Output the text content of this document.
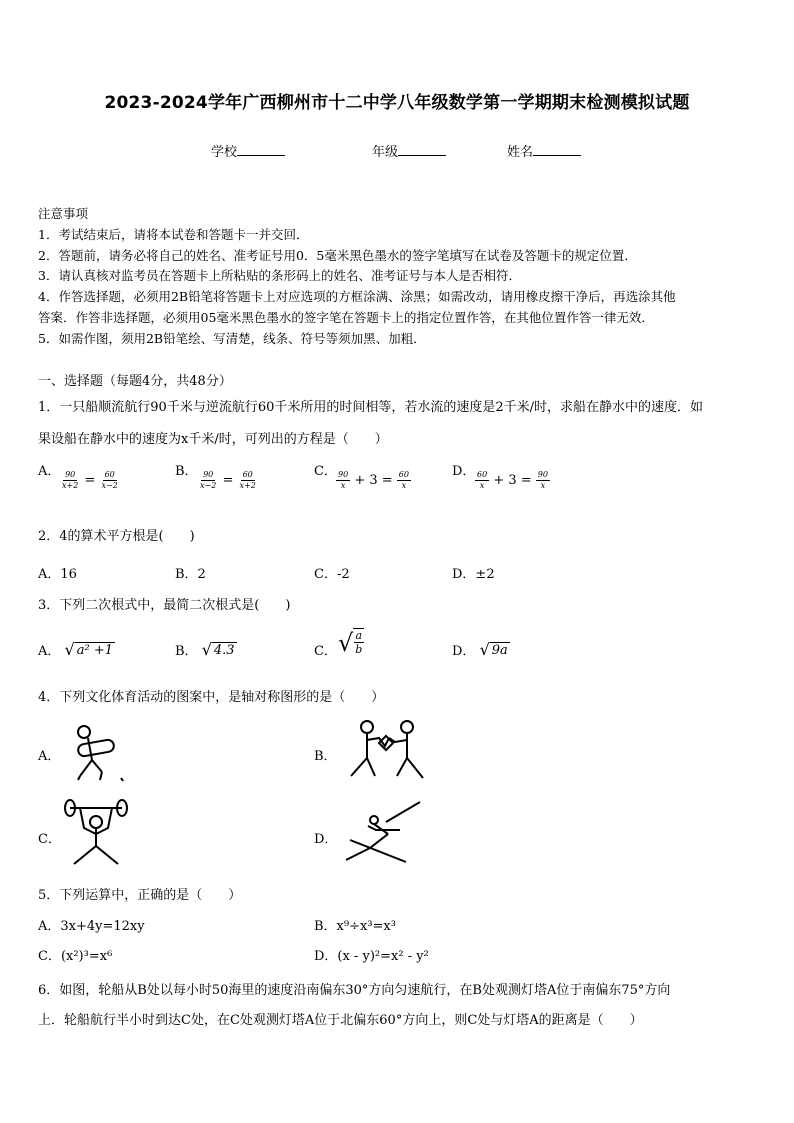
2023-2024学年广西柳州市十二中学八年级数学第一学期期末检测模拟试题
学校	年级	姓名
注意事项
1．考试结束后，请将本试卷和答题卡一并交回．
2．答题前，请务必将自己的姓名、准考证号用0．5毫米黑色墨水的签字笔填写在试卷及答题卡的规定位置．
3．请认真核对监考员在答题卡上所粘贴的条形码上的姓名、准考证号与本人是否相符．
4．作答选择题，必须用2B铅笔将答题卡上对应选项的方框涂满、涂黑；如需改动，请用橡皮擦干净后，再选涂其他
答案．作答非选择题，必须用05毫米黑色墨水的签字笔在答题卡上的指定位置作答，在其他位置作答一律无效．
5．如需作图，须用2B铅笔绘、写清楚，线条、符号等须加黑、加粗．
一、选择题（每题4分，共48分）
1．一只船顺流航行90千米与逆流航行60千米所用的时间相等，若水流的速度是2千米/时，求船在静水中的速度．如
果设船在静水中的速度为x千米/时，可列出的方程是（　　）
A． $\frac{90}{x+2} = \frac{60}{x-2}$	B． $\frac{90}{x-2} = \frac{60}{x+2}$	C． $\frac{90}{x} + 3 = \frac{60}{x}$	D． $\frac{60}{x} + 3 = \frac{90}{x}$
2．4的算术平方根是(　　)
A．16	B．2	C．-2	D．±2
3．下列二次根式中，最简二次根式是(　　)
A． √ a² +1	B． √ 4.3	C． √ $\frac{a}{b}$	D． √ 9a
4．下列文化体育活动的图案中，是轴对称图形的是（　　）
A．	B．
C．	D．
5．下列运算中，正确的是（　　）
A．3x+4y=12xy	B．x⁹÷x³=x³
C．(x²)³=x⁶	D．(x - y)²=x² - y²
6．如图，轮船从B处以每小时50海里的速度沿南偏东30°方向匀速航行，在B处观测灯塔A位于南偏东75°方向
上．轮船航行半小时到达C处，在C处观测灯塔A位于北偏东60°方向上，则C处与灯塔A的距离是（　　）
